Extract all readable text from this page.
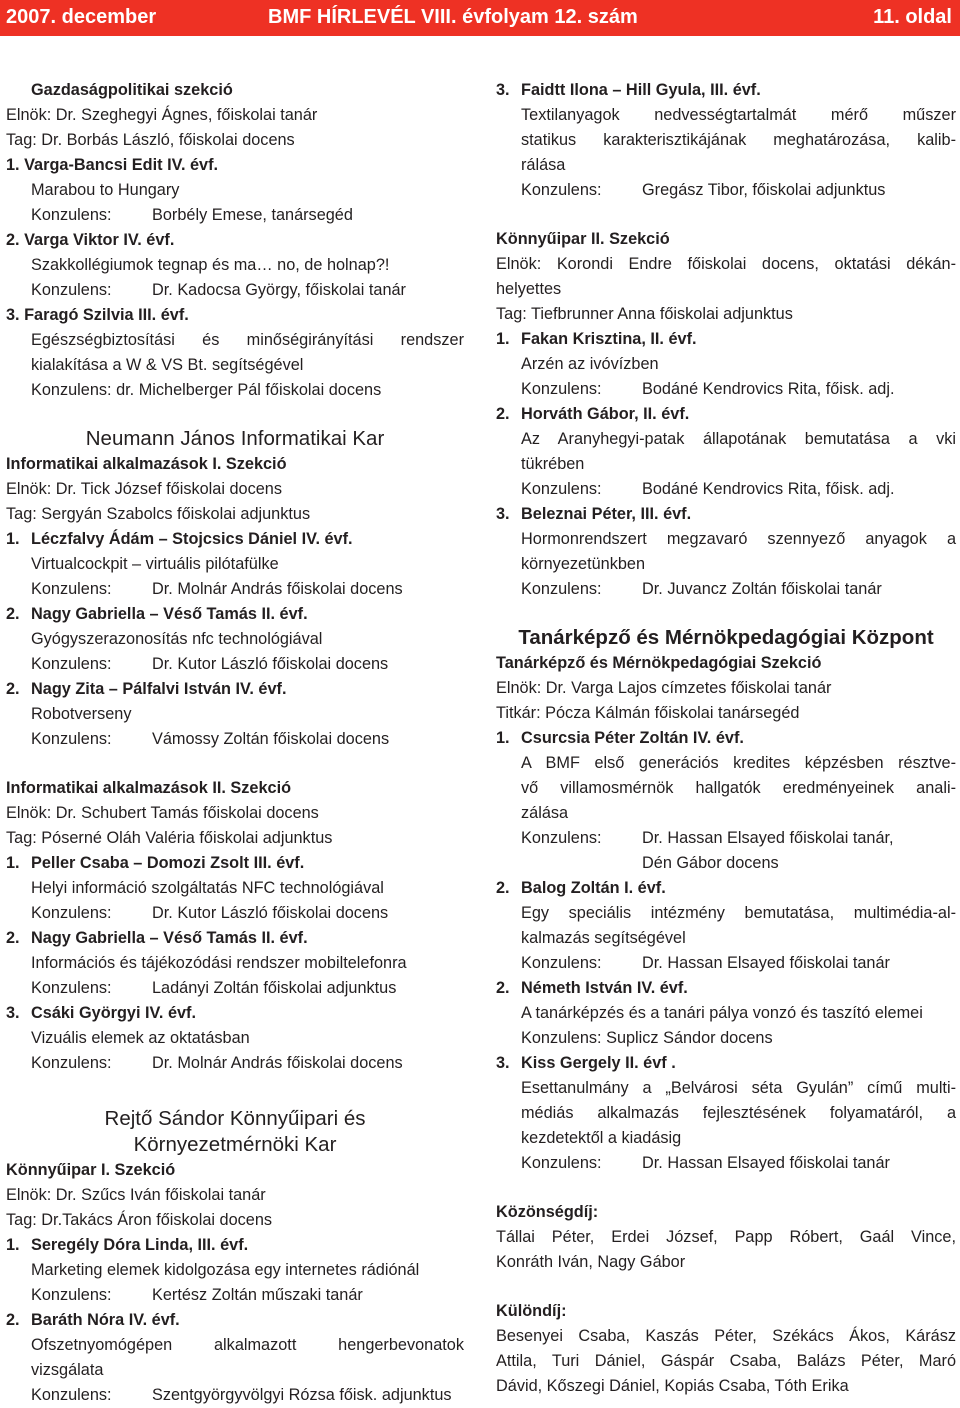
2007. december	BMF HÍRLEVÉL VIII. évfolyam 12. szám	11. oldal
Gazdaságpolitikai szekció
Elnök: Dr. Szeghegyi Ágnes, főiskolai tanár
Tag: Dr. Borbás László, főiskolai docens
1. Varga-Bancsi Edit IV. évf.
Marabou to Hungary
Konzulens: Borbély Emese, tanársegéd
2. Varga Viktor IV. évf.
Szakkollégiumok tegnap és ma… no, de holnap?!
Konzulens: Dr. Kadocsa György, főiskolai tanár
3. Faragó Szilvia III. évf.
Egészségbiztosítási és minőségirányítási rendszer
kialakítása a W & VS Bt. segítségével
Konzulens: dr. Michelberger Pál főiskolai docens
Neumann János Informatikai Kar
Informatikai alkalmazások I. Szekció
Elnök: Dr. Tick József főiskolai docens
Tag: Sergyán Szabolcs főiskolai adjunktus
1. Léczfalvy Ádám – Stojcsics Dániel IV. évf.
Virtualcockpit – virtuális pilótafülke
Konzulens: Dr. Molnár András főiskolai docens
2. Nagy Gabriella – Véső Tamás II. évf.
Gyógyszerazonosítás nfc technológiával
Konzulens: Dr. Kutor László főiskolai docens
2. Nagy Zita – Pálfalvi István IV. évf.
Robotverseny
Konzulens: Vámossy Zoltán főiskolai docens
Informatikai alkalmazások II. Szekció
Elnök: Dr. Schubert Tamás főiskolai docens
Tag: Póserné Oláh Valéria főiskolai adjunktus
1. Peller Csaba – Domozi Zsolt III. évf.
Helyi információ szolgáltatás NFC technológiával
Konzulens: Dr. Kutor László főiskolai docens
2. Nagy Gabriella – Véső Tamás II. évf.
Információs és tájékozódási rendszer mobiltelefonra
Konzulens: Ladányi Zoltán főiskolai adjunktus
3. Csáki Györgyi IV. évf.
Vizuális elemek az oktatásban
Konzulens: Dr. Molnár András főiskolai docens
Rejtő Sándor Könnyűipari és
Környezetmérnöki Kar
Könnyűipar I. Szekció
Elnök: Dr. Szűcs Iván főiskolai tanár
Tag: Dr.Takács Áron főiskolai docens
1. Seregély Dóra Linda, III. évf.
Marketing elemek kidolgozása egy internetes rádiónál
Konzulens: Kertész Zoltán műszaki tanár
2. Baráth Nóra IV. évf.
Ofszetnyomógépen alkalmazott hengerbevonatok
vizsgálata
Konzulens: Szentgyörgyvölgyi Rózsa főisk. adjunktus
3. Faidtt Ilona – Hill Gyula, III. évf.
Textilanyagok nedvességtartalmát mérő műszer
statikus karakterisztikájának meghatározása, kalib-
rálása
Konzulens: Gregász Tibor, főiskolai adjunktus
Könnyűipar II. Szekció
Elnök: Korondi Endre főiskolai docens, oktatási dékán-
helyettes
Tag: Tiefbrunner Anna főiskolai adjunktus
1. Fakan Krisztina, II. évf.
Arzén az ivóvízben
Konzulens: Bodáné Kendrovics Rita, főisk. adj.
2. Horváth Gábor, II. évf.
Az Aranyhegyi-patak állapotának bemutatása a vki
tükrében
Konzulens: Bodáné Kendrovics Rita, főisk. adj.
3. Beleznai Péter, III. évf.
Hormonrendszert megzavaró szennyező anyagok a
környezetünkben
Konzulens: Dr. Juvancz Zoltán főiskolai tanár
Tanárképző és Mérnökpedagógiai Központ
Tanárképző és Mérnökpedagógiai Szekció
Elnök: Dr. Varga Lajos címzetes főiskolai tanár
Titkár: Pócza Kálmán főiskolai tanársegéd
1. Csurcsia Péter Zoltán IV. évf.
A BMF első generációs kredites képzésben résztve-
vő villamosmérnök hallgatók eredményeinek anali-
zálása
Konzulens: Dr. Hassan Elsayed főiskolai tanár,
Dén Gábor docens
2. Balog Zoltán I. évf.
Egy speciális intézmény bemutatása, multimédia-al-
kalmazás segítségével
Konzulens: Dr. Hassan Elsayed főiskolai tanár
2. Németh István IV. évf.
A tanárképzés és a tanári pálya vonzó és taszító elemei
Konzulens: Suplicz Sándor docens
3. Kiss Gergely II. évf .
Esettanulmány a „Belvárosi séta Gyulán” című multi-
médiás alkalmazás fejlesztésének folyamatáról, a
kezdetektől a kiadásig
Konzulens: Dr. Hassan Elsayed főiskolai tanár
Közönségdíj:
Tállai Péter, Erdei József, Papp Róbert, Gaál Vince,
Konráth Iván, Nagy Gábor
Különdíj:
Besenyei Csaba, Kaszás Péter, Székács Ákos, Kárász
Attila, Turi Dániel, Gáspár Csaba, Balázs Péter, Maró
Dávid, Kőszegi Dániel, Kopiás Csaba, Tóth Erika
